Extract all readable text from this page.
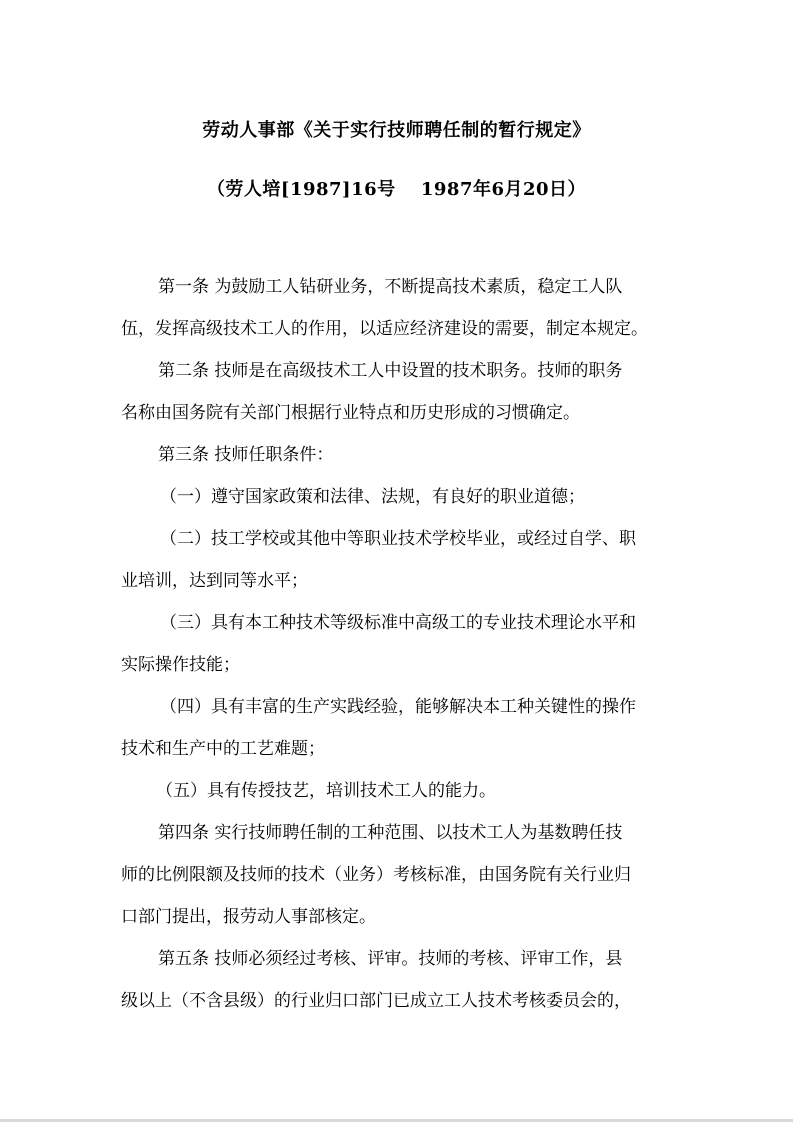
劳动人事部《关于实行技师聘任制的暂行规定》
（劳人培[1987]16号　 1987年6月20日）
第一条 为鼓励工人钻研业务，不断提高技术素质，稳定工人队
伍，发挥高级技术工人的作用，以适应经济建设的需要，制定本规定。
第二条 技师是在高级技术工人中设置的技术职务。技师的职务
名称由国务院有关部门根据行业特点和历史形成的习惯确定。
第三条 技师任职条件：
（一）遵守国家政策和法律、法规，有良好的职业道德；
（二）技工学校或其他中等职业技术学校毕业，或经过自学、职
业培训，达到同等水平；
（三）具有本工种技术等级标准中高级工的专业技术理论水平和
实际操作技能；
（四）具有丰富的生产实践经验，能够解决本工种关键性的操作
技术和生产中的工艺难题；
（五）具有传授技艺，培训技术工人的能力。
第四条 实行技师聘任制的工种范围、以技术工人为基数聘任技
师的比例限额及技师的技术（业务）考核标准，由国务院有关行业归
口部门提出，报劳动人事部核定。
第五条 技师必须经过考核、评审。技师的考核、评审工作，县
级以上（不含县级）的行业归口部门已成立工人技术考核委员会的，
